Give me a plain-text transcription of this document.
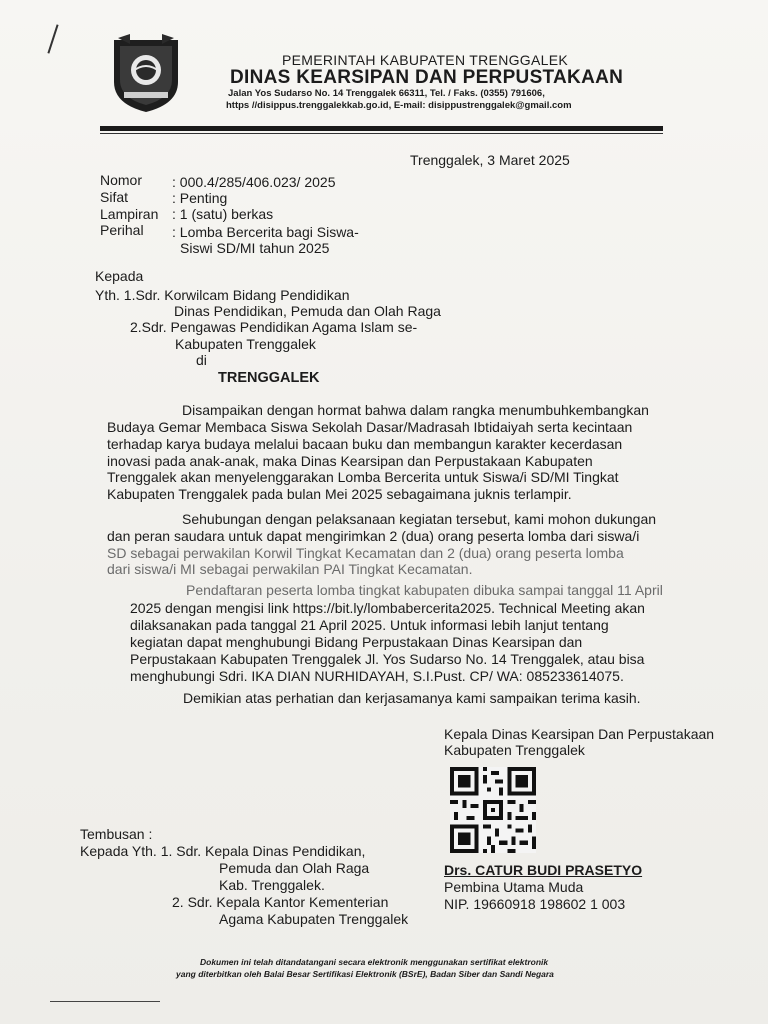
PEMERINTAH KABUPATEN TRENGGALEK
DINAS KEARSIPAN DAN PERPUSTAKAAN
Jalan Yos Sudarso No. 14 Trenggalek 66311, Tel. / Faks. (0355) 791606,
https //disippus.trenggalekkab.go.id, E-mail: disippustrenggalek@gmail.com
Trenggalek, 3 Maret 2025
Nomor : 000.4/285/406.023/ 2025
Sifat	: Penting
Lampiran : 1 (satu) berkas
Perihal : Lomba Bercerita bagi Siswa-
Siswi SD/MI tahun 2025
Kepada
Yth. 1.Sdr. Korwilcam Bidang Pendidikan
Dinas Pendidikan, Pemuda dan Olah Raga
2.Sdr. Pengawas Pendidikan Agama Islam se-
Kabupaten Trenggalek
di
TRENGGALEK
Disampaikan dengan hormat bahwa dalam rangka menumbuhkembangkan
Budaya Gemar Membaca Siswa Sekolah Dasar/Madrasah Ibtidaiyah serta kecintaan
terhadap karya budaya melalui bacaan buku dan membangun karakter kecerdasan
inovasi pada anak-anak, maka Dinas Kearsipan dan Perpustakaan Kabupaten
Trenggalek akan menyelenggarakan Lomba Bercerita untuk Siswa/i SD/MI Tingkat
Kabupaten Trenggalek pada bulan Mei 2025 sebagaimana juknis terlampir.
Sehubungan dengan pelaksanaan kegiatan tersebut, kami mohon dukungan
dan peran saudara untuk dapat mengirimkan 2 (dua) orang peserta lomba dari siswa/i
SD sebagai perwakilan Korwil Tingkat Kecamatan dan 2 (dua) orang peserta lomba
dari siswa/i MI sebagai perwakilan PAI Tingkat Kecamatan.
Pendaftaran peserta lomba tingkat kabupaten dibuka sampai tanggal 11 April
2025 dengan mengisi link https://bit.ly/lombabercerita2025. Technical Meeting akan
dilaksanakan pada tanggal 21 April 2025. Untuk informasi lebih lanjut tentang
kegiatan dapat menghubungi Bidang Perpustakaan Dinas Kearsipan dan
Perpustakaan Kabupaten Trenggalek Jl. Yos Sudarso No. 14 Trenggalek, atau bisa
menghubungi Sdri. IKA DIAN NURHIDAYAH, S.I.Pust. CP/ WA: 085233614075.
Demikian atas perhatian dan kerjasamanya kami sampaikan terima kasih.
Kepala Dinas Kearsipan Dan Perpustakaan
Kabupaten Trenggalek
Drs. CATUR BUDI PRASETYO
Pembina Utama Muda
NIP. 19660918 198602 1 003
Tembusan :
Kepada Yth. 1. Sdr. Kepala Dinas Pendidikan,
Pemuda dan Olah Raga
Kab. Trenggalek.
2. Sdr. Kepala Kantor Kementerian
Agama Kabupaten Trenggalek
Dokumen ini telah ditandatangani secara elektronik menggunakan sertifikat elektronik
yang diterbitkan oleh Balai Besar Sertifikasi Elektronik (BSrE), Badan Siber dan Sandi Negara
